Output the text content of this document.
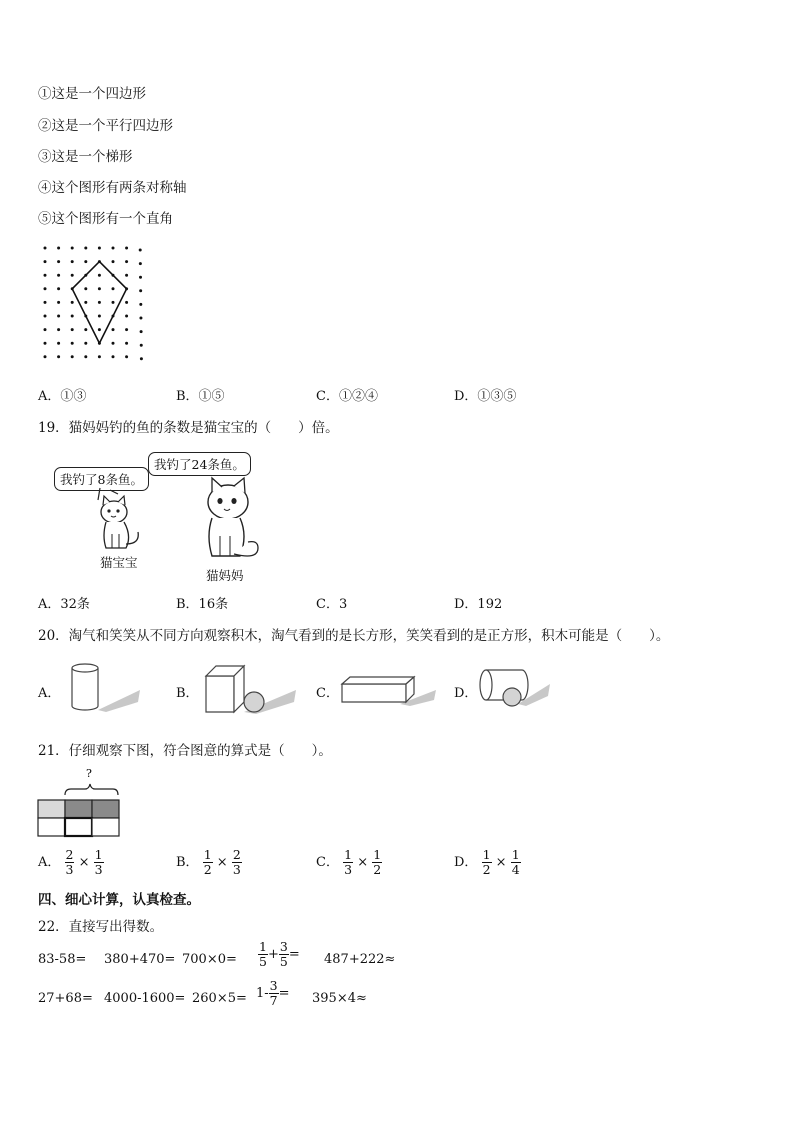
①这是一个四边形
②这是一个平行四边形
③这是一个梯形
④这个图形有两条对称轴
⑤这个图形有一个直角
A．①③	B．①⑤	C．①②④	D．①③⑤
19．猫妈妈钓的鱼的条数是猫宝宝的（　　）倍。
我钓了8条鱼。
我钓了24条鱼。
猫宝宝
猫妈妈
A．32条	B．16条	C．3	D．192
20．淘气和笑笑从不同方向观察积木，淘气看到的是长方形，笑笑看到的是正方形，积木可能是（　　）。
A．	B．	C．	D．
21．仔细观察下图，符合图意的算式是（　　）。
?
A． $\frac{2}{3} \times \frac{1}{3}$	B． $\frac{1}{2} \times \frac{2}{3}$	C． $\frac{1}{3} \times \frac{1}{2}$	D． $\frac{1}{2} \times \frac{1}{4}$
四、细心计算，认真检查。
22．直接写出得数。
$83-58= 380+470= 700\times 0= \frac{1}{5} + \frac{3}{5} = 487+222\approx$
$27+68= 4000-1600= 260\times 5= 1- \frac{3}{7} = 395\times 4\approx$
